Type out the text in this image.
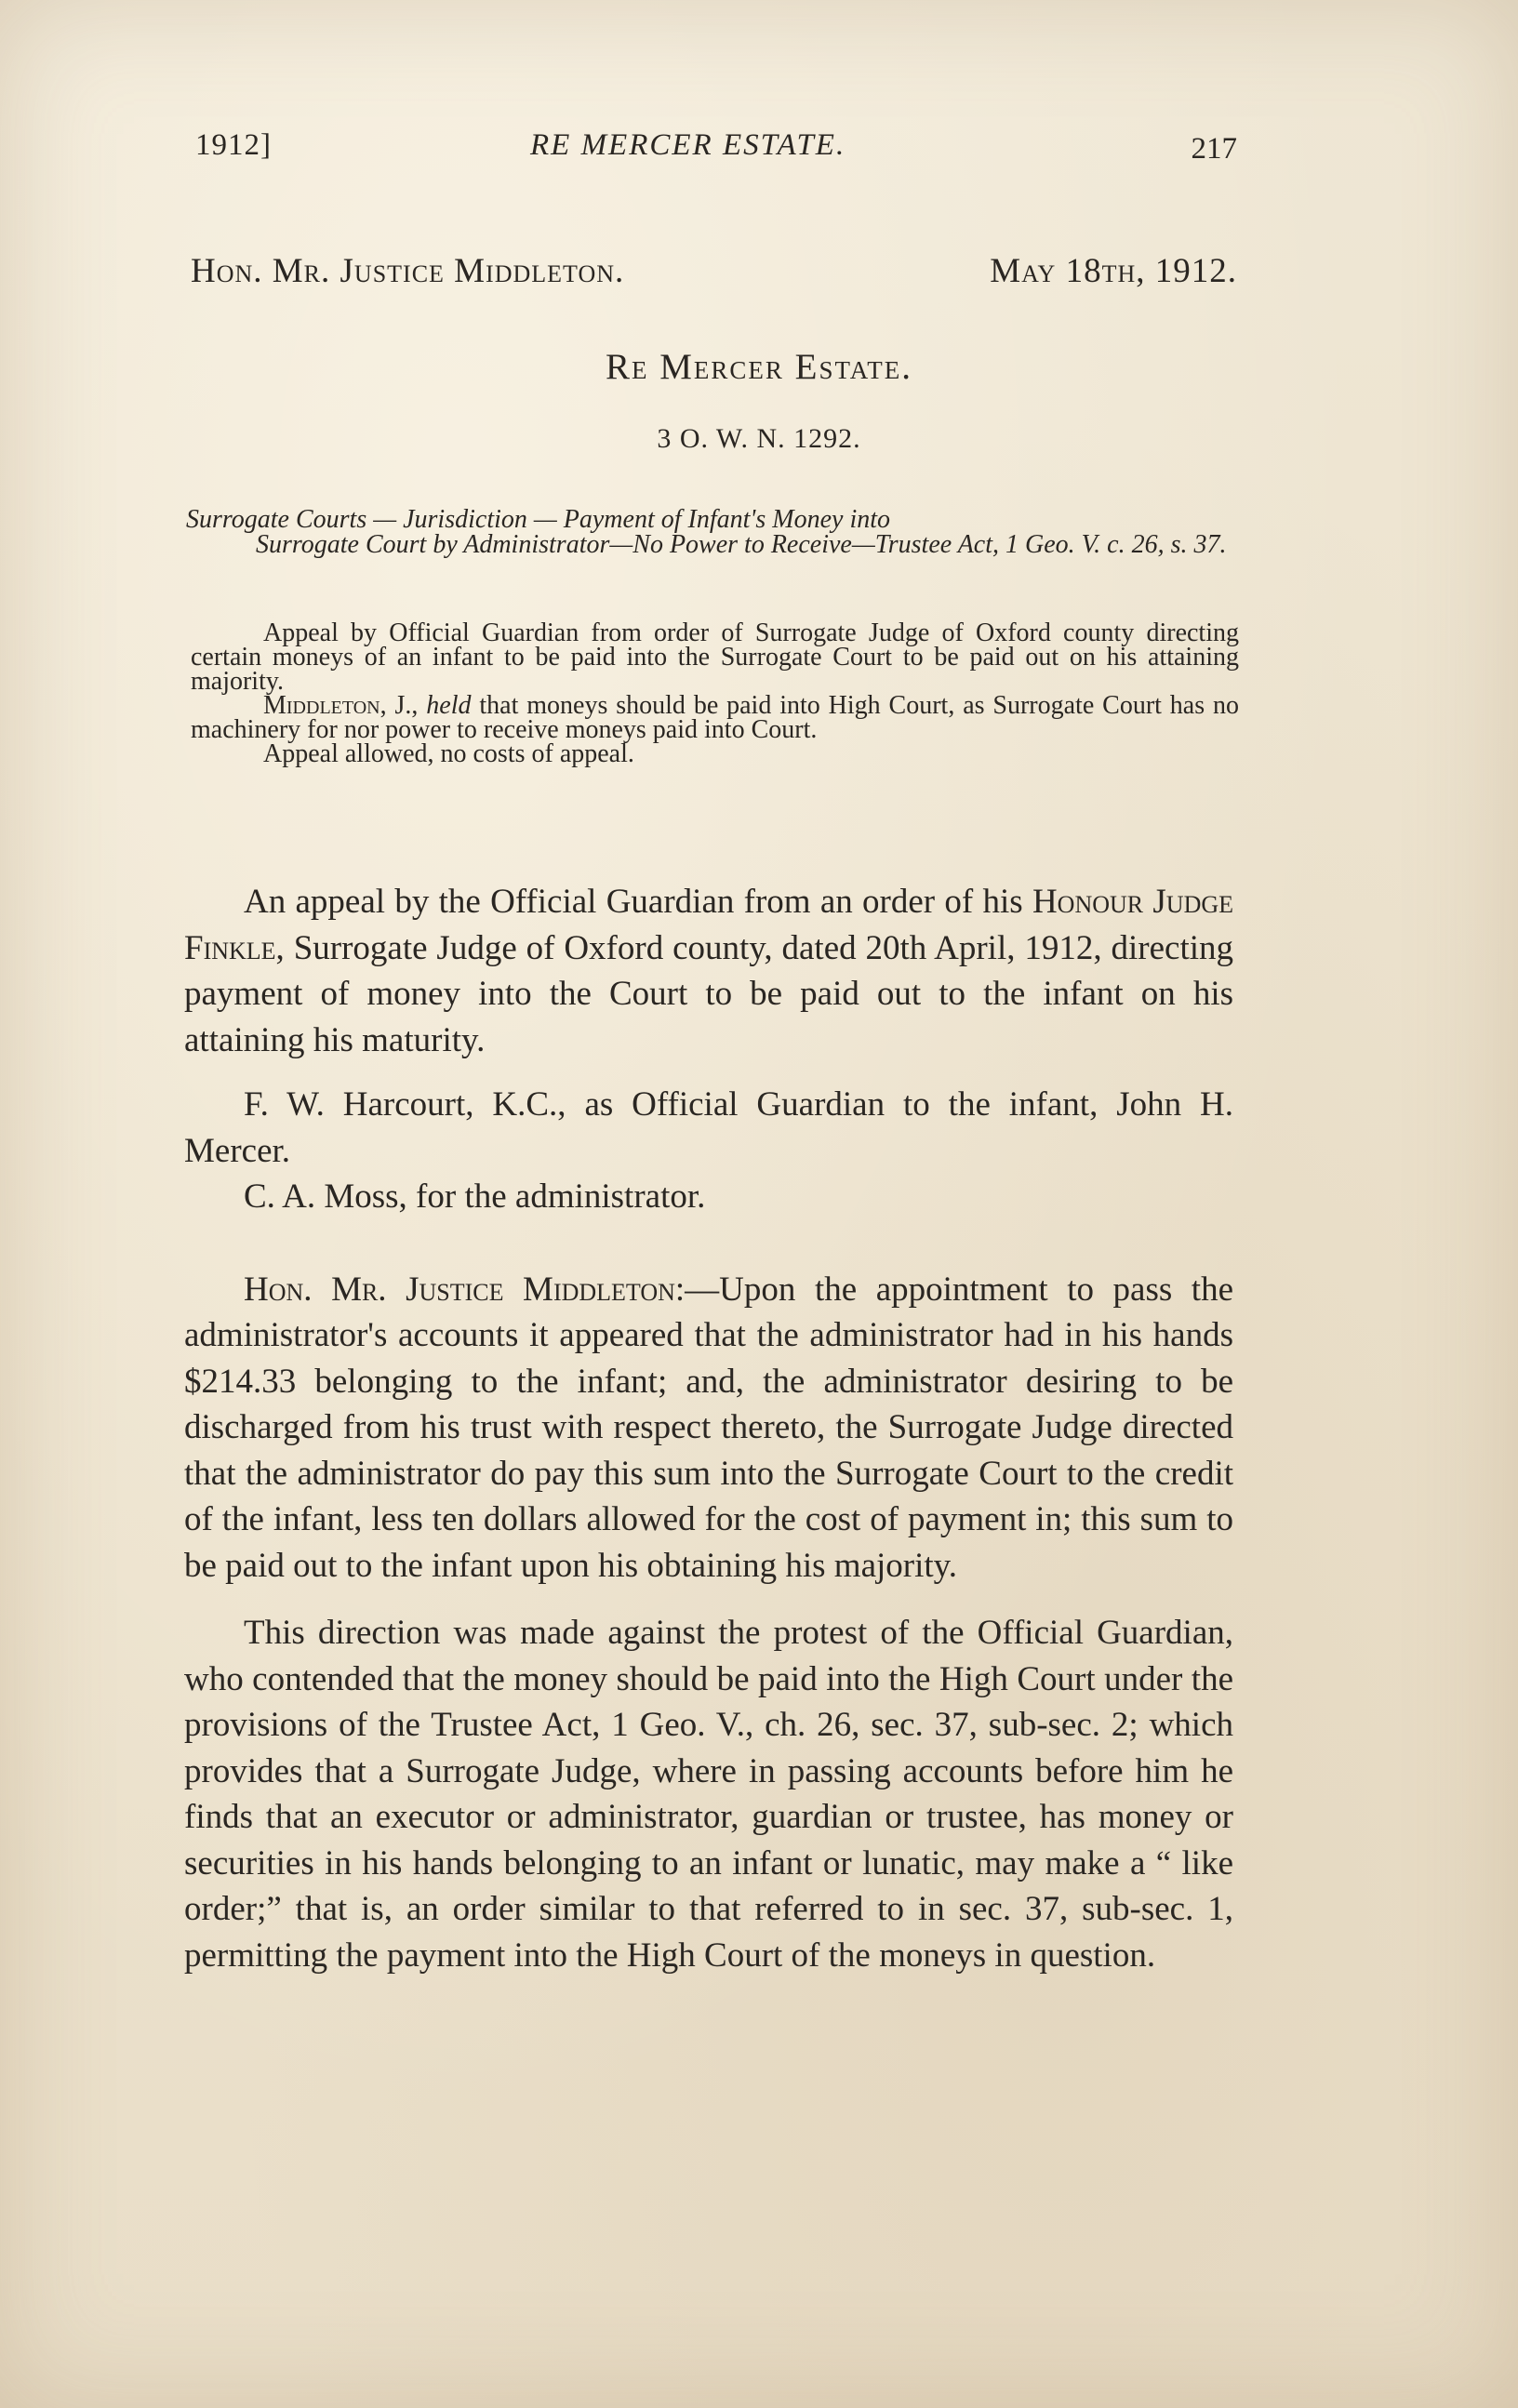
1912]	RE MERCER ESTATE.	217
Hon. Mr. Justice Middleton.	May 18th, 1912.
Re Mercer Estate.
3 O. W. N. 1292.
Surrogate Courts — Jurisdiction — Payment of Infant's Money into
Surrogate Court by Administrator—No Power to Receive—Trustee Act, 1 Geo. V. c. 26, s. 37.

Appeal by Official Guardian from order of Surrogate Judge of Oxford county directing certain moneys of an infant to be paid into the Surrogate Court to be paid out on his attaining majority.

Middleton, J., held that moneys should be paid into High Court, as Surrogate Court has no machinery for nor power to receive moneys paid into Court.

Appeal allowed, no costs of appeal.

An appeal by the Official Guardian from an order of his Honour Judge Finkle, Surrogate Judge of Oxford county, dated 20th April, 1912, directing payment of money into the Court to be paid out to the infant on his attaining his maturity.

F. W. Harcourt, K.C., as Official Guardian to the infant, John H. Mercer.

C. A. Moss, for the administrator.

Hon. Mr. Justice Middleton:—Upon the appointment to pass the administrator's accounts it appeared that the administrator had in his hands $214.33 belonging to the infant; and, the administrator desiring to be discharged from his trust with respect thereto, the Surrogate Judge directed that the administrator do pay this sum into the Surrogate Court to the credit of the infant, less ten dollars allowed for the cost of payment in; this sum to be paid out to the infant upon his obtaining his majority.

This direction was made against the protest of the Official Guardian, who contended that the money should be paid into the High Court under the provisions of the Trustee Act, 1 Geo. V., ch. 26, sec. 37, sub-sec. 2; which provides that a Surrogate Judge, where in passing accounts before him he finds that an executor or administrator, guardian or trustee, has money or securities in his hands belonging to an infant or lunatic, may make a “ like order;” that is, an order similar to that referred to in sec. 37, sub-sec. 1, permitting the payment into the High Court of the moneys in question.
